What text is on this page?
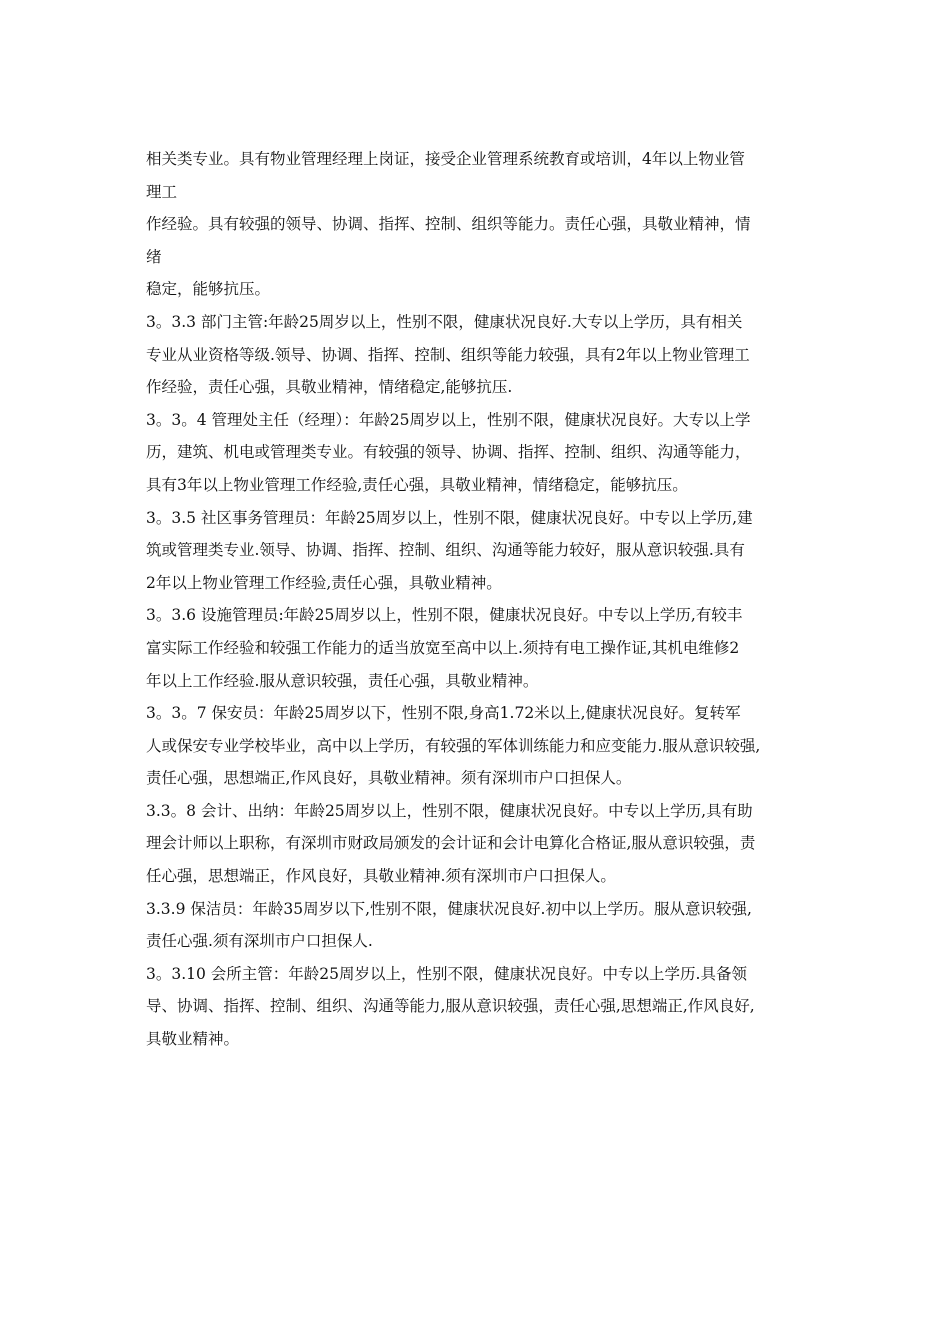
相关类专业。具有物业管理经理上岗证，接受企业管理系统教育或培训，4年以上物业管
理工
作经验。具有较强的领导、协调、指挥、控制、组织等能力。责任心强，具敬业精神，情
绪
稳定，能够抗压。
3。3.3 部门主管:年龄25周岁以上，性别不限，健康状况良好.大专以上学历，具有相关
专业从业资格等级.领导、协调、指挥、控制、组织等能力较强，具有2年以上物业管理工
作经验，责任心强，具敬业精神，情绪稳定,能够抗压.
3。3。4 管理处主任（经理）：年龄25周岁以上，性别不限，健康状况良好。大专以上学
历，建筑、机电或管理类专业。有较强的领导、协调、指挥、控制、组织、沟通等能力，
具有3年以上物业管理工作经验,责任心强，具敬业精神，情绪稳定，能够抗压。
3。3.5 社区事务管理员：年龄25周岁以上，性别不限，健康状况良好。中专以上学历,建
筑或管理类专业.领导、协调、指挥、控制、组织、沟通等能力较好，服从意识较强.具有
2年以上物业管理工作经验,责任心强，具敬业精神。
3。3.6 设施管理员:年龄25周岁以上，性别不限，健康状况良好。中专以上学历,有较丰
富实际工作经验和较强工作能力的适当放宽至高中以上.须持有电工操作证,其机电维修2
年以上工作经验.服从意识较强，责任心强，具敬业精神。
3。3。7 保安员：年龄25周岁以下，性别不限,身高1.72米以上,健康状况良好。复转军
人或保安专业学校毕业，高中以上学历，有较强的军体训练能力和应变能力.服从意识较强,
责任心强，思想端正,作风良好，具敬业精神。须有深圳市户口担保人。
3.3。8 会计、出纳：年龄25周岁以上，性别不限，健康状况良好。中专以上学历,具有助
理会计师以上职称，有深圳市财政局颁发的会计证和会计电算化合格证,服从意识较强，责
任心强，思想端正，作风良好，具敬业精神.须有深圳市户口担保人。
3.3.9 保洁员：年龄35周岁以下,性别不限，健康状况良好.初中以上学历。服从意识较强,
责任心强.须有深圳市户口担保人.
3。3.10 会所主管：年龄25周岁以上，性别不限，健康状况良好。中专以上学历.具备领
导、协调、指挥、控制、组织、沟通等能力,服从意识较强，责任心强,思想端正,作风良好,
具敬业精神。
